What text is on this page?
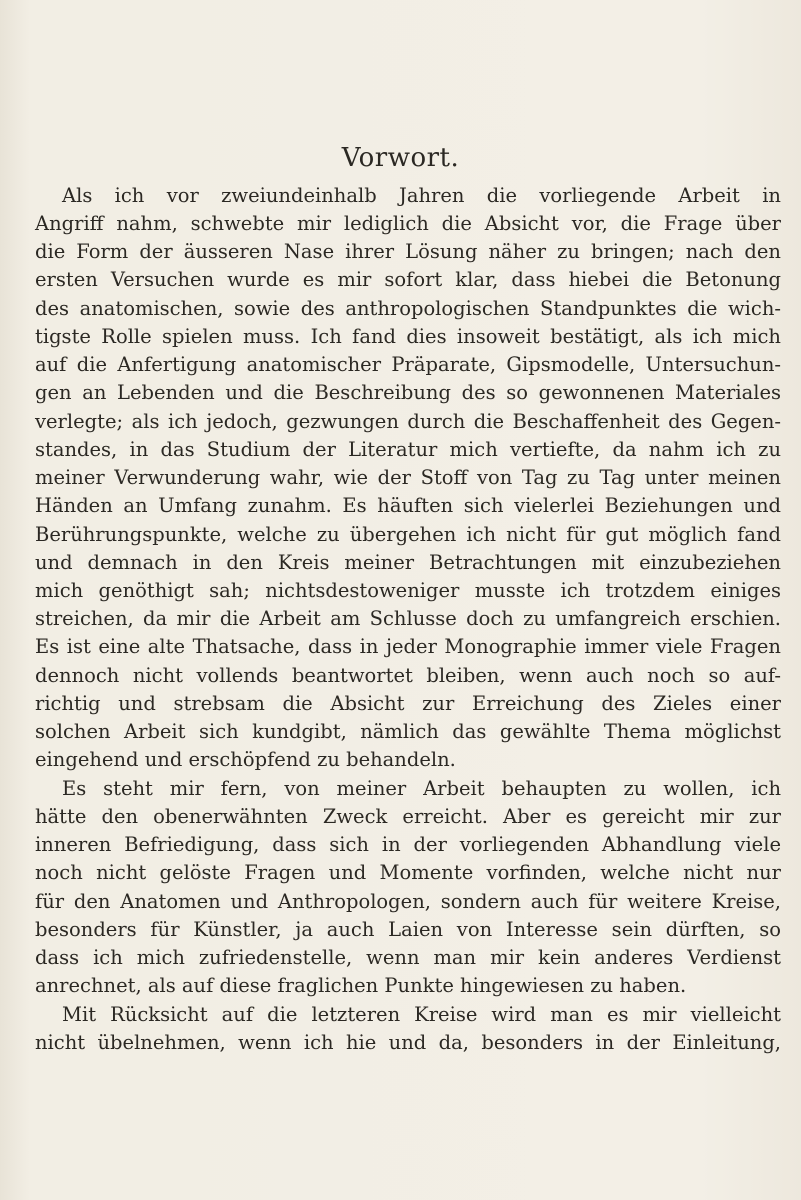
Vorwort.

Als ich vor zweiundeinhalb Jahren die vorliegende Arbeit in

Angriff nahm, schwebte mir lediglich die Absicht vor, die Frage über

die Form der äusseren Nase ihrer Lösung näher zu bringen; nach den

ersten Versuchen wurde es mir sofort klar, dass hiebei die Betonung

des anatomischen, sowie des anthropologischen Standpunktes die wich-

tigste Rolle spielen muss. Ich fand dies insoweit bestätigt, als ich mich

auf die Anfertigung anatomischer Präparate, Gipsmodelle, Untersuchun-

gen an Lebenden und die Beschreibung des so gewonnenen Materiales

verlegte; als ich jedoch, gezwungen durch die Beschaffenheit des Gegen-

standes, in das Studium der Literatur mich vertiefte, da nahm ich zu

meiner Verwunderung wahr, wie der Stoff von Tag zu Tag unter meinen

Händen an Umfang zunahm. Es häuften sich vielerlei Beziehungen und

Berührungspunkte, welche zu übergehen ich nicht für gut möglich fand

und demnach in den Kreis meiner Betrachtungen mit einzubeziehen

mich genöthigt sah; nichtsdestoweniger musste ich trotzdem einiges

streichen, da mir die Arbeit am Schlusse doch zu umfangreich erschien.

Es ist eine alte Thatsache, dass in jeder Monographie immer viele Fragen

dennoch nicht vollends beantwortet bleiben, wenn auch noch so auf-

richtig und strebsam die Absicht zur Erreichung des Zieles einer

solchen Arbeit sich kundgibt, nämlich das gewählte Thema möglichst

eingehend und erschöpfend zu behandeln.

Es steht mir fern, von meiner Arbeit behaupten zu wollen, ich

hätte den obenerwähnten Zweck erreicht. Aber es gereicht mir zur

inneren Befriedigung, dass sich in der vorliegenden Abhandlung viele

noch nicht gelöste Fragen und Momente vorfinden, welche nicht nur

für den Anatomen und Anthropologen, sondern auch für weitere Kreise,

besonders für Künstler, ja auch Laien von Interesse sein dürften, so

dass ich mich zufriedenstelle, wenn man mir kein anderes Verdienst

anrechnet, als auf diese fraglichen Punkte hingewiesen zu haben.

Mit Rücksicht auf die letzteren Kreise wird man es mir vielleicht

nicht übelnehmen, wenn ich hie und da, besonders in der Einleitung,
